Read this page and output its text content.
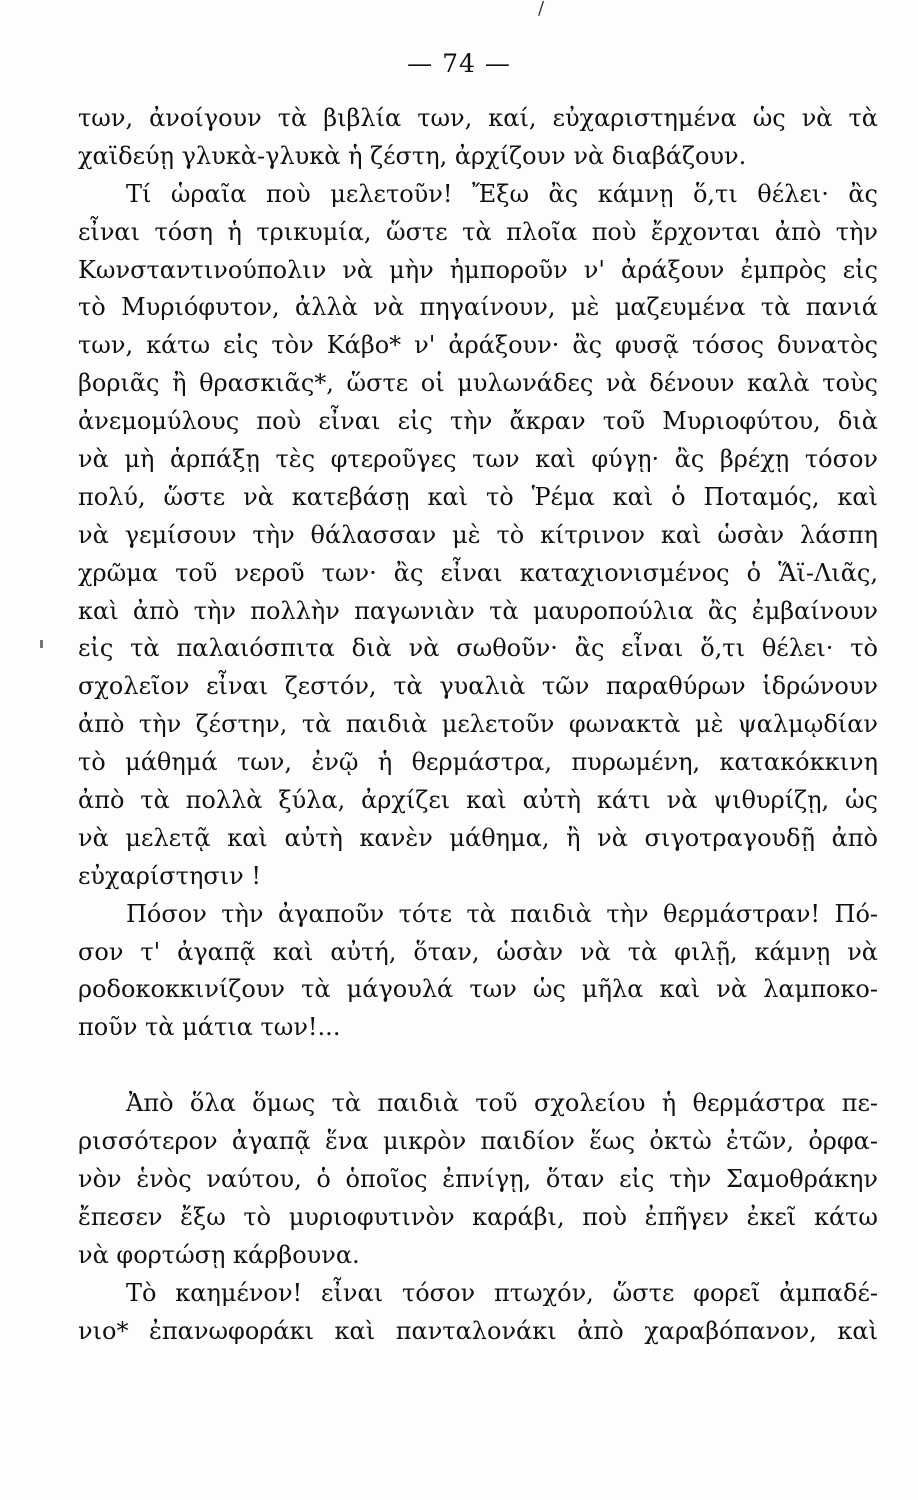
/
— 74 —
των, ἀνοίγουν τὰ βιβλία των, καί, εὐχαριστημένα ὡς νὰ τὰ
χαϊδεύῃ γλυκὰ-γλυκὰ ἡ ζέστη, ἀρχίζουν νὰ διαβάζουν.
Τί ὡραῖα ποὺ μελετοῦν! Ἔξω ἂς κάμνῃ ὅ,τι θέλει· ἂς
εἶναι τόση ἡ τρικυμία, ὥστε τὰ πλοῖα ποὺ ἔρχονται ἀπὸ τὴν
Κωνσταντινούπολιν νὰ μὴν ἠμποροῦν ν' ἀράξουν ἐμπρὸς εἰς
τὸ Μυριόφυτον, ἀλλὰ νὰ πηγαίνουν, μὲ μαζευμένα τὰ πανιά
των, κάτω εἰς τὸν Κάβο* ν' ἀράξουν· ἂς φυσᾷ τόσος δυνατὸς
βοριᾶς ἢ θρασκιᾶς*, ὥστε οἱ μυλωνάδες νὰ δένουν καλὰ τοὺς
ἀνεμομύλους ποὺ εἶναι εἰς τὴν ἄκραν τοῦ Μυριοφύτου, διὰ
νὰ μὴ ἁρπάξῃ τὲς φτεροῦγες των καὶ φύγῃ· ἂς βρέχῃ τόσον
πολύ, ὥστε νὰ κατεβάσῃ καὶ τὸ Ῥέμα καὶ ὁ Ποταμός, καὶ
νὰ γεμίσουν τὴν θάλασσαν μὲ τὸ κίτρινον καὶ ὡσὰν λάσπη
χρῶμα τοῦ νεροῦ των· ἂς εἶναι καταχιονισμένος ὁ Ἅϊ-Λιᾶς,
καὶ ἀπὸ τὴν πολλὴν παγωνιὰν τὰ μαυροπούλια ἂς ἐμβαίνουν
εἰς τὰ παλαιόσπιτα διὰ νὰ σωθοῦν· ἂς εἶναι ὅ,τι θέλει· τὸ
σχολεῖον εἶναι ζεστόν, τὰ γυαλιὰ τῶν παραθύρων ἱδρώνουν
ἀπὸ τὴν ζέστην, τὰ παιδιὰ μελετοῦν φωνακτὰ μὲ ψαλμῳδίαν
τὸ μάθημά των, ἐνῷ ἡ θερμάστρα, πυρωμένη, κατακόκκινη
ἀπὸ τὰ πολλὰ ξύλα, ἀρχίζει καὶ αὐτὴ κάτι νὰ ψιθυρίζῃ, ὡς
νὰ μελετᾷ καὶ αὐτὴ κανὲν μάθημα, ἢ νὰ σιγοτραγουδῇ ἀπὸ
εὐχαρίστησιν !
Πόσον τὴν ἀγαποῦν τότε τὰ παιδιὰ τὴν θερμάστραν! Πό-
σον τ' ἀγαπᾷ καὶ αὐτή, ὅταν, ὡσὰν νὰ τὰ φιλῇ, κάμνῃ νὰ
ροδοκοκκινίζουν τὰ μάγουλά των ὡς μῆλα καὶ νὰ λαμποκο-
ποῦν τὰ μάτια των!...
Ἀπὸ ὅλα ὅμως τὰ παιδιὰ τοῦ σχολείου ἡ θερμάστρα πε-
ρισσότερον ἀγαπᾷ ἕνα μικρὸν παιδίον ἕως ὀκτὼ ἐτῶν, ὀρφα-
νὸν ἑνὸς ναύτου, ὁ ὁποῖος ἐπνίγῃ, ὅταν εἰς τὴν Σαμοθράκην
ἔπεσεν ἔξω τὸ μυριοφυτινὸν καράβι, ποὺ ἐπῆγεν ἐκεῖ κάτω
νὰ φορτώσῃ κάρβουνα.
Τὸ καημένον! εἶναι τόσον πτωχόν, ὥστε φορεῖ ἀμπαδέ-
νιο* ἐπανωφοράκι καὶ πανταλονάκι ἀπὸ χαραβόπανον, καὶ
